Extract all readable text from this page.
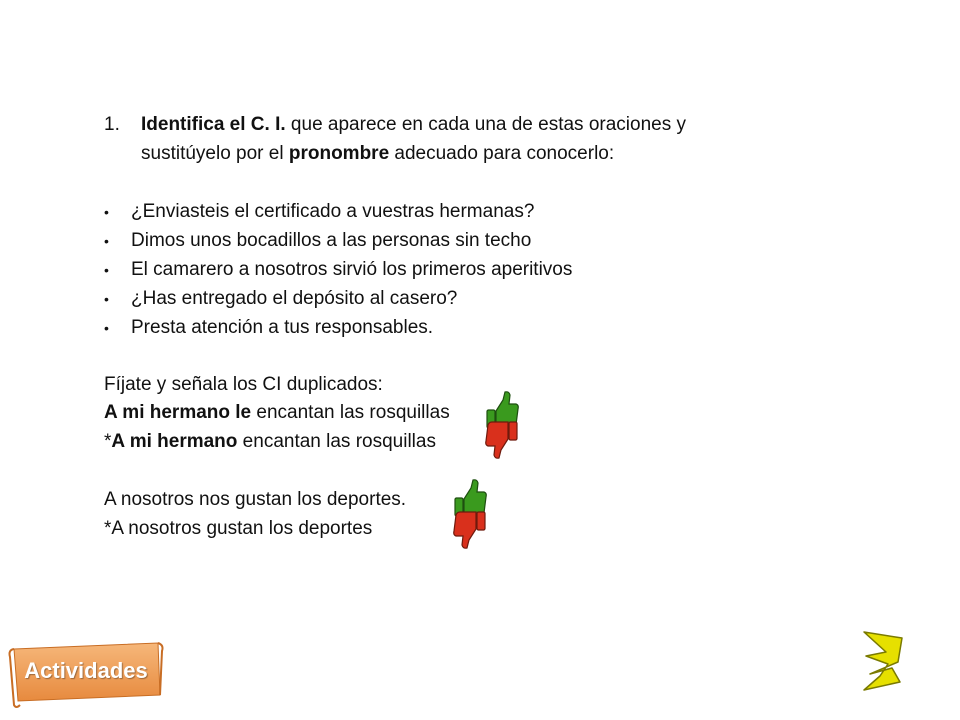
1. Identifica el C. I. que aparece en cada una de estas oraciones y
sustitúyelo por el pronombre adecuado para conocerlo:
• ¿Enviasteis el certificado a vuestras hermanas?
• Dimos unos bocadillos a las personas sin techo
• El camarero a nosotros sirvió los primeros aperitivos
• ¿Has entregado el depósito al casero?
• Presta atención a tus responsables.
Fíjate y señala los CI duplicados:
A mi hermano le encantan las rosquillas
*A mi hermano encantan las rosquillas
A nosotros nos gustan los deportes.
*A nosotros gustan los deportes
Actividades
